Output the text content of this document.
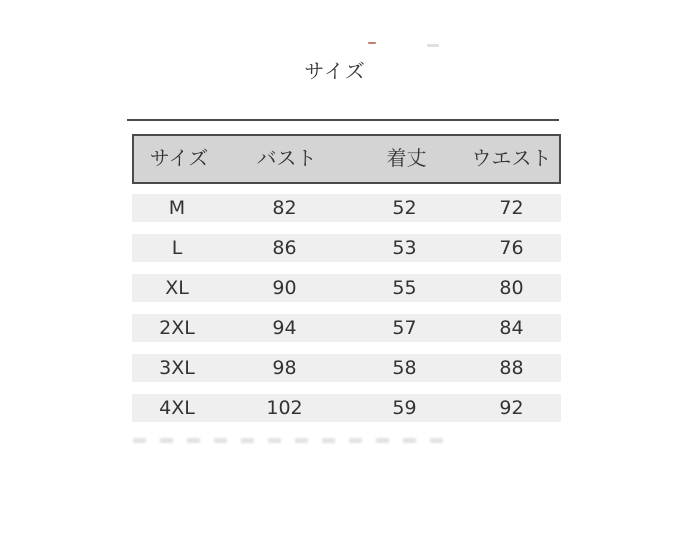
サイズ
サイズ	バスト	着丈	ウエスト
M	82	52	72
L	86	53	76
XL	90	55	80
2XL	94	57	84
3XL	98	58	88
4XL	102	59	92
